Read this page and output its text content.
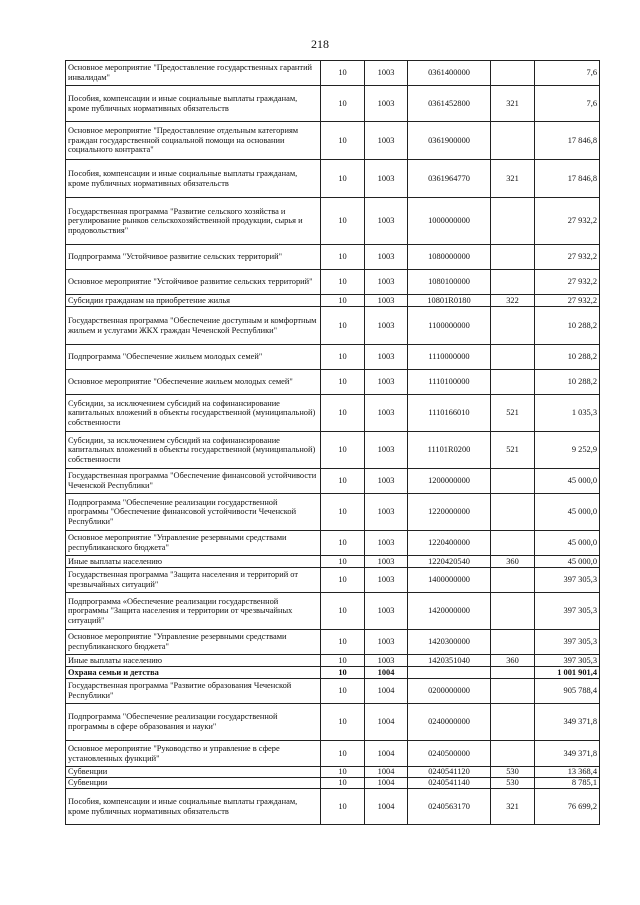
218
Основное мероприятие "Предоставление государственных гарантий инвалидам"	10	1003	0361400000		7,6
Пособия, компенсации и иные социальные выплаты гражданам, кроме публичных нормативных обязательств	10	1003	0361452800	321	7,6
Основное мероприятие "Предоставление отдельным категориям граждан государственной социальной помощи на основании социального контракта"	10	1003	0361900000		17 846,8
Пособия, компенсации и иные социальные выплаты гражданам, кроме публичных нормативных обязательств	10	1003	0361964770	321	17 846,8
Государственная программа "Развитие сельского хозяйства и регулирование рынков сельскохозяйственной продукции, сырья и продовольствия"	10	1003	1000000000		27 932,2
Подпрограмма "Устойчивое развитие сельских территорий"	10	1003	1080000000		27 932,2
Основное мероприятие "Устойчивое развитие сельских территорий"	10	1003	1080100000		27 932,2
Субсидии гражданам на приобретение жилья	10	1003	10801R0180	322	27 932,2
Государственная программа "Обеспечение доступным и комфортным жильем и услугами ЖКХ граждан Чеченской Республики"	10	1003	1100000000		10 288,2
Подпрограмма "Обеспечение жильем молодых семей"	10	1003	1110000000		10 288,2
Основное мероприятие "Обеспечение жильем молодых семей"	10	1003	1110100000		10 288,2
Субсидии, за исключением субсидий на софинансирование капитальных вложений в объекты государственной (муниципальной) собственности	10	1003	1110166010	521	1 035,3
Субсидии, за исключением субсидий на софинансирование капитальных вложений в объекты государственной (муниципальной) собственности	10	1003	11101R0200	521	9 252,9
Государственная программа "Обеспечение финансовой устойчивости Чеченской Республики"	10	1003	1200000000		45 000,0
Подпрограмма "Обеспечение реализации государственной программы "Обеспечение финансовой устойчивости Чеченской Республики"	10	1003	1220000000		45 000,0
Основное мероприятие "Управление резервными средствами республиканского бюджета"	10	1003	1220400000		45 000,0
Иные выплаты населению	10	1003	1220420540	360	45 000,0
Государственная программа "Защита населения и территорий от чрезвычайных ситуаций"	10	1003	1400000000		397 305,3
Подпрограмма «Обеспечение реализации государственной программы "Защита населения и территории от чрезвычайных ситуаций"	10	1003	1420000000		397 305,3
Основное мероприятие "Управление резервными средствами республиканского бюджета"	10	1003	1420300000		397 305,3
Иные выплаты населению	10	1003	1420351040	360	397 305,3
Охрана семьи и детства	10	1004			1 001 901,4
Государственная программа "Развитие образования Чеченской Республики"	10	1004	0200000000		905 788,4
Подпрограмма "Обеспечение реализации государственной программы в сфере образования и науки"	10	1004	0240000000		349 371,8
Основное мероприятие "Руководство и управление в сфере установленных функций"	10	1004	0240500000		349 371,8
Субвенции	10	1004	0240541120	530	13 368,4
Субвенции	10	1004	0240541140	530	8 785,1
Пособия, компенсации и иные социальные выплаты гражданам, кроме публичных нормативных обязательств	10	1004	0240563170	321	76 699,2
